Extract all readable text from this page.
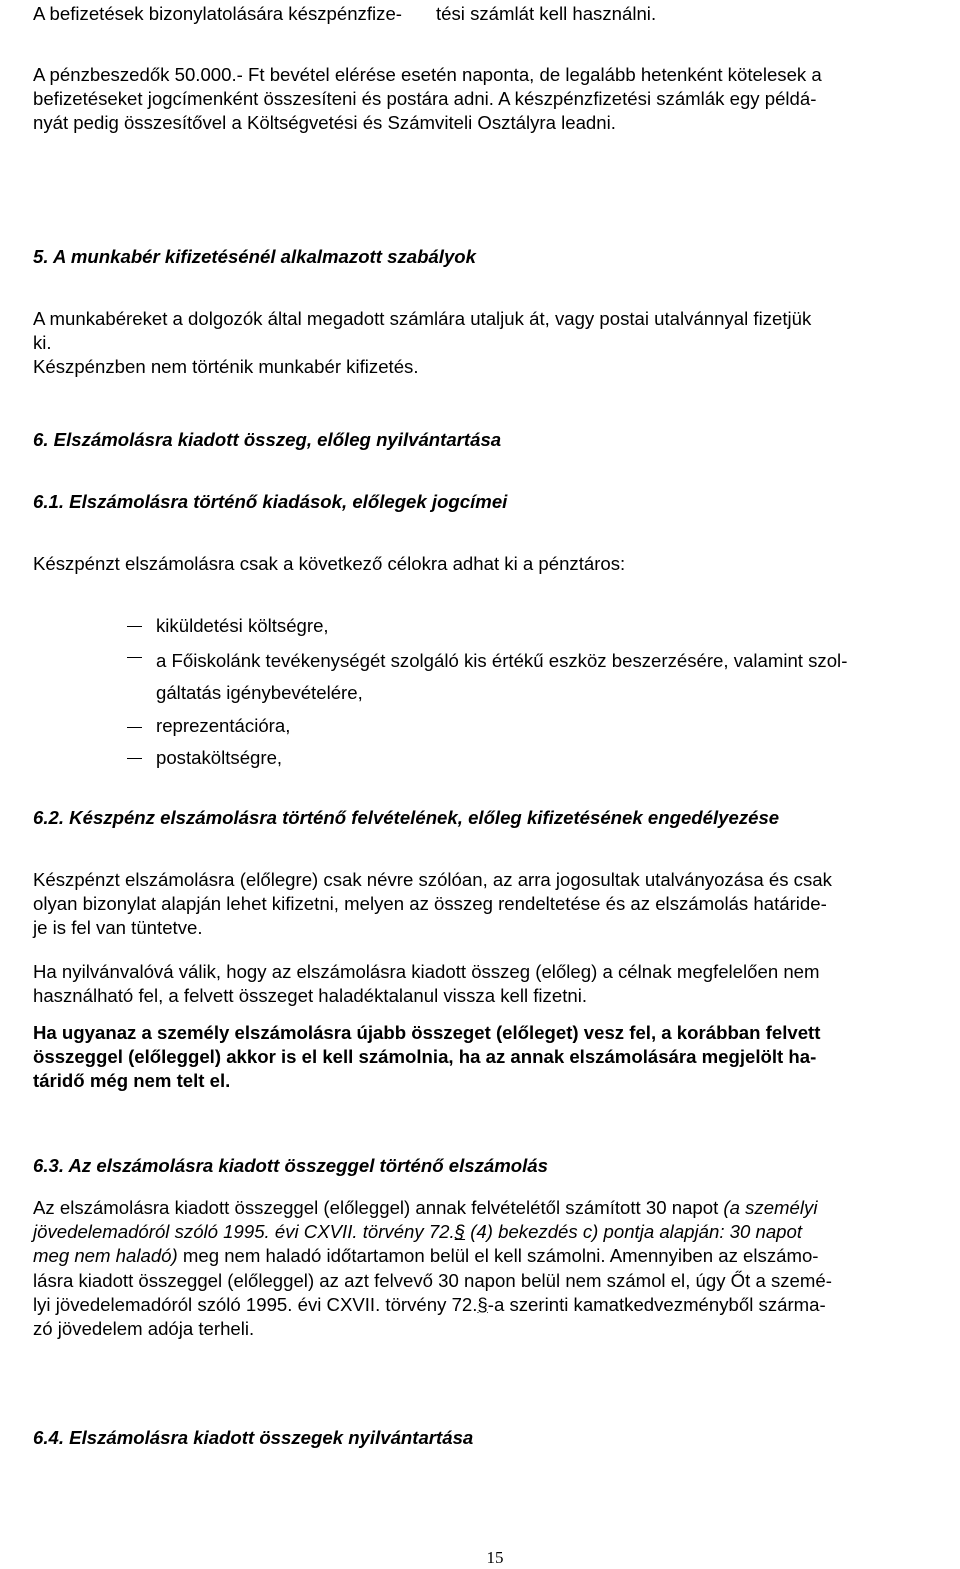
A befizetések bizonylatolására készpénzfize- tési számlát kell használni.
A pénzbeszedők 50.000.- Ft bevétel elérése esetén naponta, de legalább hetenként kötelesek a
befizetéseket jogcímenként összesíteni és postára adni. A készpénzfizetési számlák egy példá-
nyát pedig összesítővel a Költségvetési és Számviteli Osztályra leadni.
5. A munkabér kifizetésénél alkalmazott szabályok
A munkabéreket a dolgozók által megadott számlára utaljuk át, vagy postai utalvánnyal fizetjük
ki.
Készpénzben nem történik munkabér kifizetés.
6. Elszámolásra kiadott összeg, előleg nyilvántartása
6.1. Elszámolásra történő kiadások, előlegek jogcímei
Készpénzt elszámolásra csak a következő célokra adhat ki a pénztáros:
kiküldetési költségre,
a Főiskolánk tevékenységét szolgáló kis értékű eszköz beszerzésére, valamint szol-
gáltatás igénybevételére,
reprezentációra,
postaköltségre,
6.2. Készpénz elszámolásra történő felvételének, előleg kifizetésének engedélyezése
Készpénzt elszámolásra (előlegre) csak névre szólóan, az arra jogosultak utalványozása és csak
olyan bizonylat alapján lehet kifizetni, melyen az összeg rendeltetése és az elszámolás határide-
je is fel van tüntetve.
Ha nyilvánvalóvá válik, hogy az elszámolásra kiadott összeg (előleg) a célnak megfelelően nem
használható fel, a felvett összeget haladéktalanul vissza kell fizetni.
Ha ugyanaz a személy elszámolásra újabb összeget (előleget) vesz fel, a korábban felvett
összeggel (előleggel) akkor is el kell számolnia, ha az annak elszámolására megjelölt ha-
táridő még nem telt el.
6.3. Az elszámolásra kiadott összeggel történő elszámolás
Az elszámolásra kiadott összeggel (előleggel) annak felvételétől számított 30 napot (a személyi
jövedelemadóról szóló 1995. évi CXVII. törvény 72.§ (4) bekezdés c) pontja alapján: 30 napot
meg nem haladó) meg nem haladó időtartamon belül el kell számolni. Amennyiben az elszámo-
lásra kiadott összeggel (előleggel) az azt felvevő 30 napon belül nem számol el, úgy Őt a szemé-
lyi jövedelemadóról szóló 1995. évi CXVII. törvény 72.§-a szerinti kamatkedvezményből szárma-
zó jövedelem adója terheli.
6.4. Elszámolásra kiadott összegek nyilvántartása
15
